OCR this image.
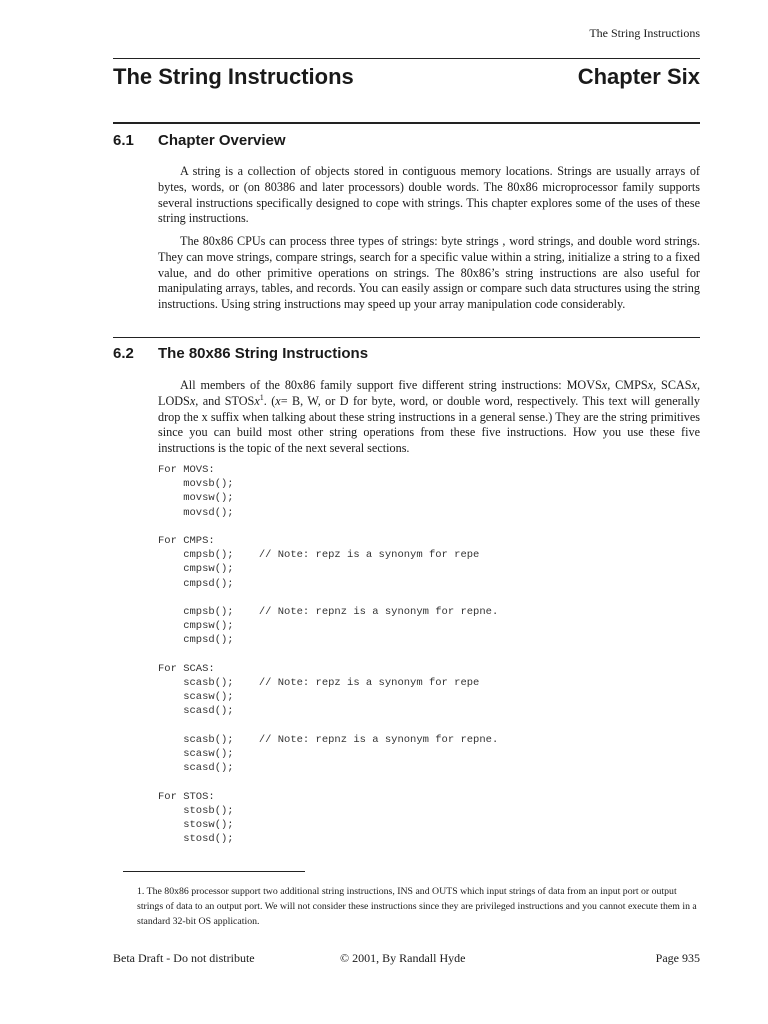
The String Instructions
The String Instructions	Chapter Six
6.1 Chapter Overview

A string is a collection of objects stored in contiguous memory locations. Strings are usually arrays of bytes, words, or (on 80386 and later processors) double words. The 80x86 microprocessor family supports several instructions specifically designed to cope with strings. This chapter explores some of the uses of these string instructions.

The 80x86 CPUs can process three types of strings: byte strings , word strings, and double word strings. They can move strings, compare strings, search for a specific value within a string, initialize a string to a fixed value, and do other primitive operations on strings. The 80x86’s string instructions are also useful for manipulating arrays, tables, and records. You can easily assign or compare such data structures using the string instructions. Using string instructions may speed up your array manipulation code considerably.

6.2 The 80x86 String Instructions

All members of the 80x86 family support five different string instructions: MOVSx, CMPSx, SCASx, LODSx, and STOSx$^1$. (x= B, W, or D for byte, word, or double word, respectively. This text will generally drop the x suffix when talking about these string instructions in a general sense.) They are the string primitives since you can build most other string operations from these five instructions. How you use these five instructions is the topic of the next several sections.

For MOVS:
movsb();
movsw();
movsd();

For CMPS:
cmpsb();    // Note: repz is a synonym for repe
cmpsw();
cmpsd();

cmpsb();    // Note: repnz is a synonym for repne.
cmpsw();
cmpsd();

For SCAS:
scasb();    // Note: repz is a synonym for repe
scasw();
scasd();

scasb();    // Note: repnz is a synonym for repne.
scasw();
scasd();

For STOS:
stosb();
stosw();
stosd();

1. The 80x86 processor support two additional string instructions, INS and OUTS which input strings of data from an input port or output strings of data to an output port. We will not consider these instructions since they are privileged instructions and you cannot execute them in a standard 32-bit OS application.

Beta Draft - Do not distribute	© 2001, By Randall Hyde	Page 935
